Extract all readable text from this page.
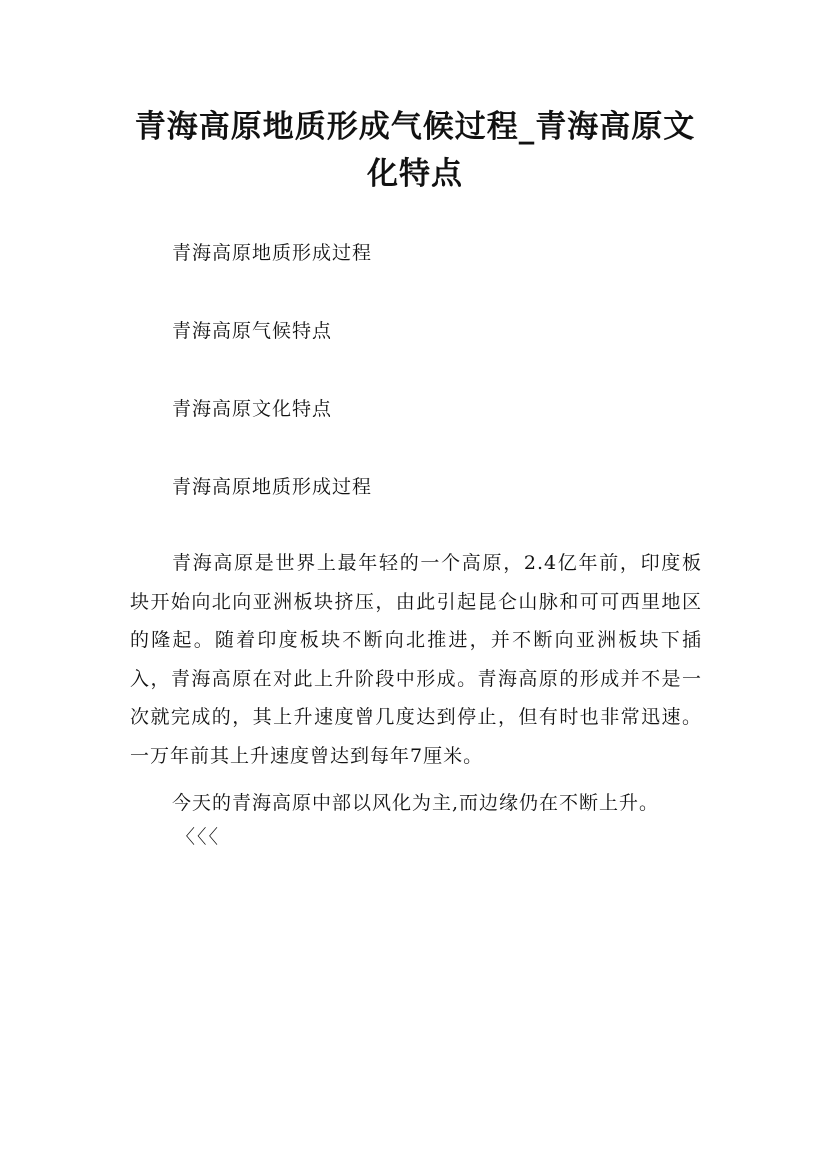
青海高原地质形成气候过程_青海高原文化特点
青海高原地质形成过程
青海高原气候特点
青海高原文化特点
青海高原地质形成过程
青海高原是世界上最年轻的一个高原，2.4亿年前，印度板块开始向北向亚洲板块挤压，由此引起昆仑山脉和可可西里地区的隆起。随着印度板块不断向北推进，并不断向亚洲板块下插入，青海高原在对此上升阶段中形成。青海高原的形成并不是一次就完成的，其上升速度曾几度达到停止，但有时也非常迅速。一万年前其上升速度曾达到每年7厘米。
今天的青海高原中部以风化为主,而边缘仍在不断上升。
〈〈〈
